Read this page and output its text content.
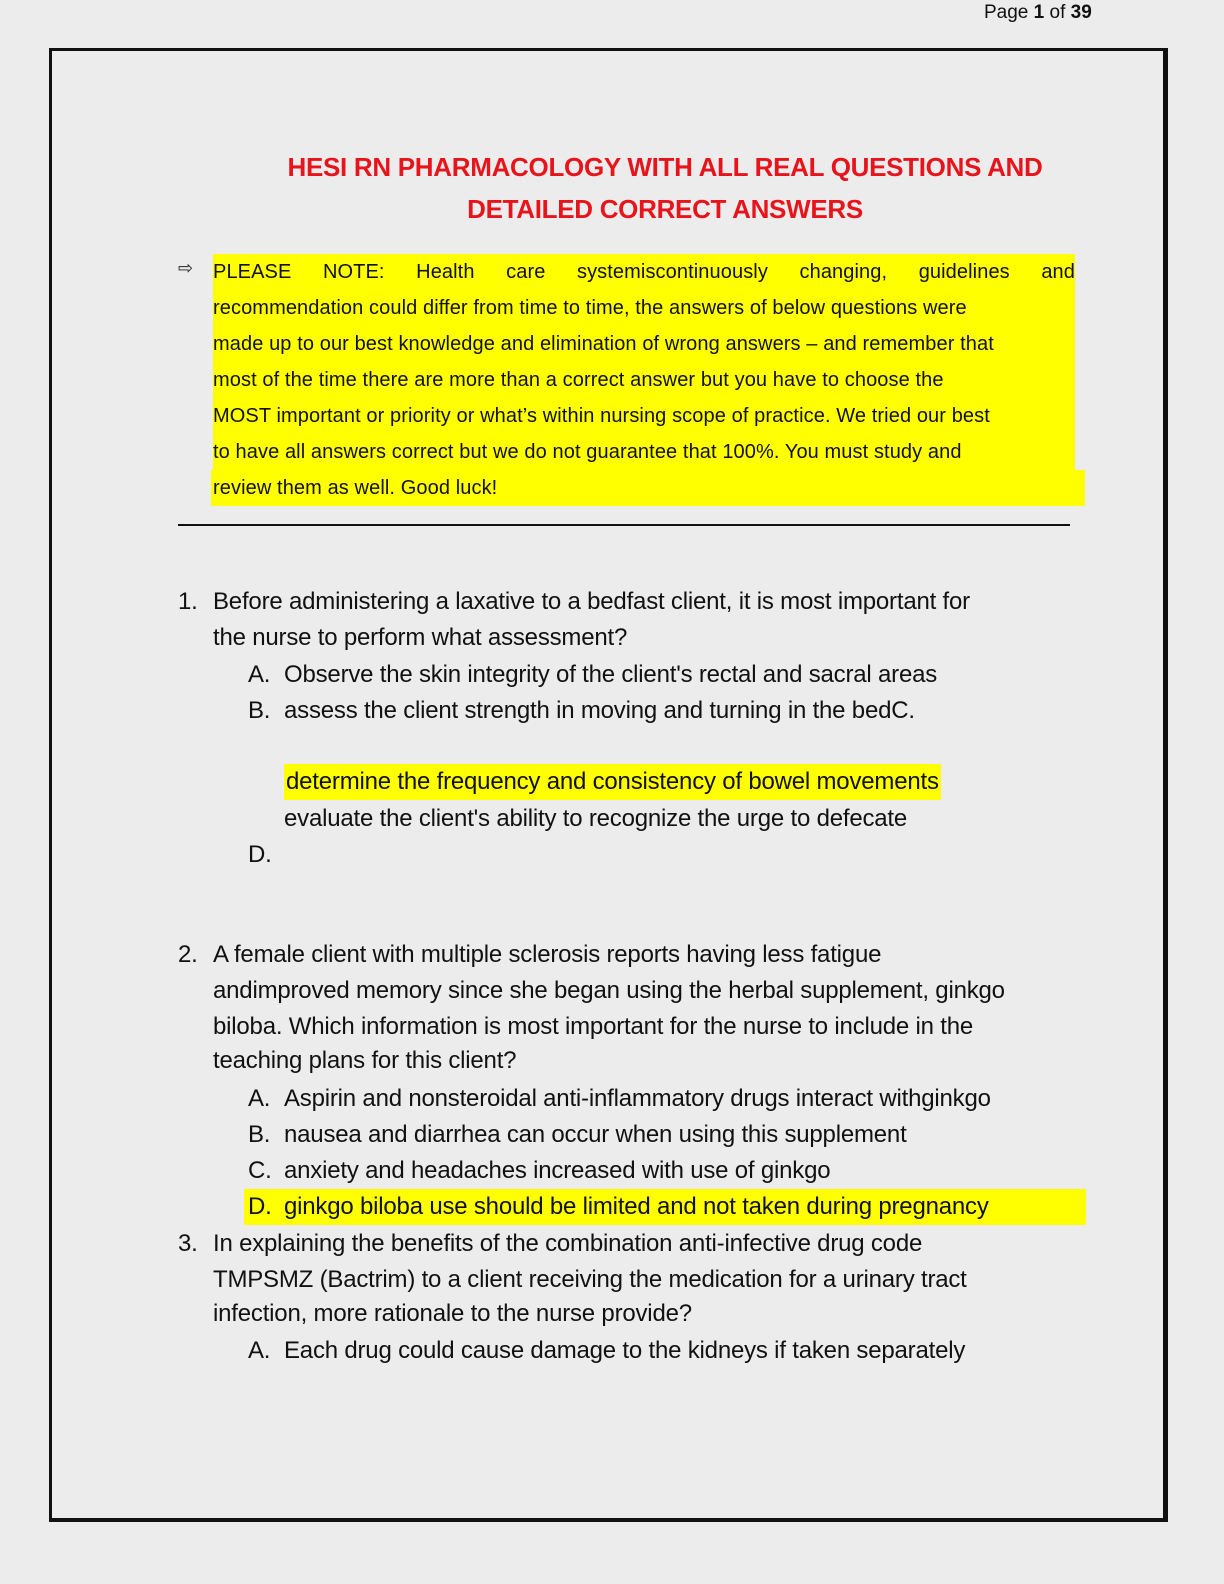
Page 1 of 39
HESI RN PHARMACOLOGY WITH ALL REAL QUESTIONS AND
DETAILED CORRECT ANSWERS
⇨ PLEASE NOTE: Health care systemiscontinuously changing, guidelines and
recommendation could differ from time to time, the answers of below questions were
made up to our best knowledge and elimination of wrong answers – and remember that
most of the time there are more than a correct answer but you have to choose the
MOST important or priority or what’s within nursing scope of practice. We tried our best
to have all answers correct but we do not guarantee that 100%. You must study and
review them as well. Good luck!
1. Before administering a laxative to a bedfast client, it is most important for
the nurse to perform what assessment?
A. Observe the skin integrity of the client's rectal and sacral areas
B. assess the client strength in moving and turning in the bedC.
determine the frequency and consistency of bowel movements
evaluate the client's ability to recognize the urge to defecate
D.
2. A female client with multiple sclerosis reports having less fatigue
andimproved memory since she began using the herbal supplement, ginkgo
biloba. Which information is most important for the nurse to include in the
teaching plans for this client?
A. Aspirin and nonsteroidal anti-inflammatory drugs interact withginkgo
B. nausea and diarrhea can occur when using this supplement
C. anxiety and headaches increased with use of ginkgo
D. ginkgo biloba use should be limited and not taken during pregnancy
3. In explaining the benefits of the combination anti-infective drug code
TMPSMZ (Bactrim) to a client receiving the medication for a urinary tract
infection, more rationale to the nurse provide?
A. Each drug could cause damage to the kidneys if taken separately
